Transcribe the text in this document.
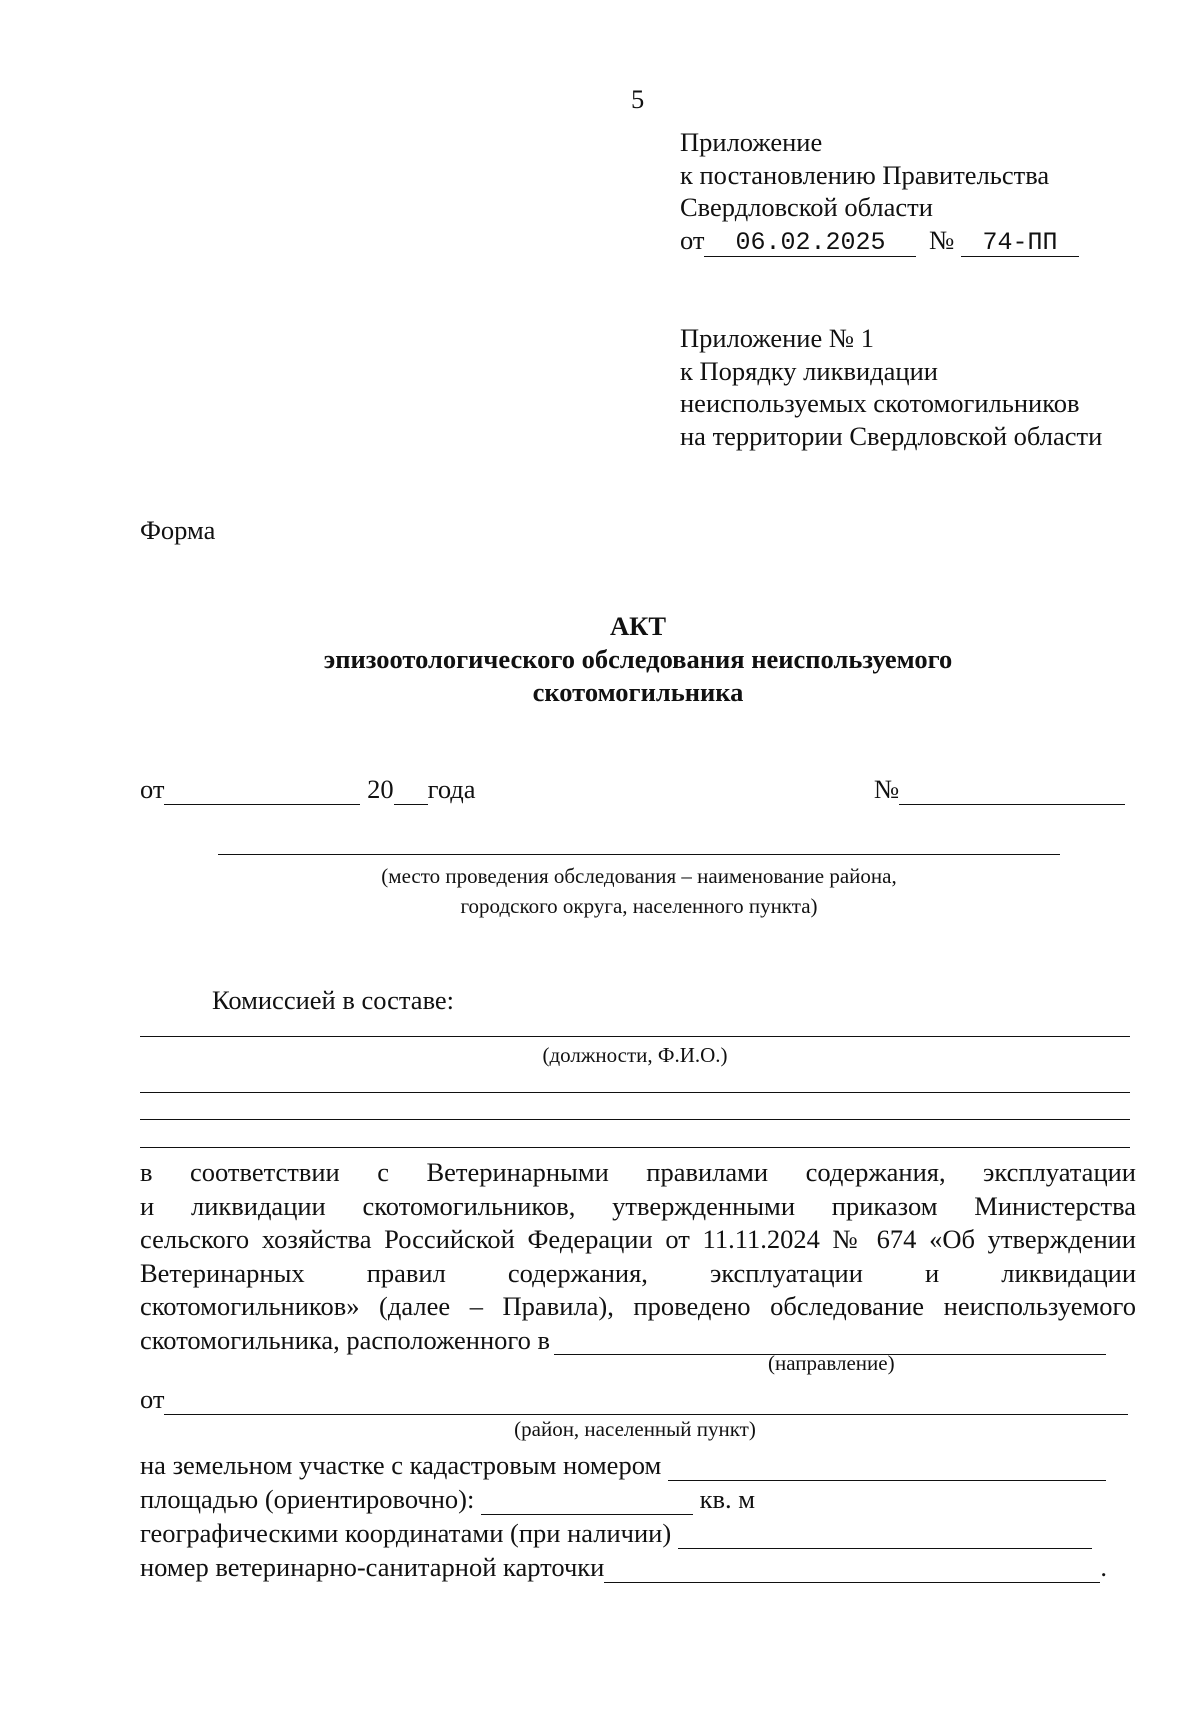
5
Приложение
к постановлению Правительства
Свердловской области
от 06.02.2025 № 74-ПП
Приложение № 1
к Порядку ликвидации
неиспользуемых скотомогильников
на территории Свердловской области
Форма
АКТ
эпизоотологического обследования неиспользуемого
скотомогильника
от	20 года	№
(место проведения обследования – наименование района,
городского округа, населенного пункта)
Комиссией в составе:
(должности, Ф.И.О.)
в соответствии с Ветеринарными правилами содержания, эксплуатации
и ликвидации скотомогильников, утвержденными приказом Министерства
сельского хозяйства Российской Федерации от 11.11.2024 № 674 «Об утверждении
Ветеринарных правил содержания, эксплуатации и ликвидации
скотомогильников» (далее – Правила), проведено обследование неиспользуемого
скотомогильника, расположенного в
(направление)
от
(район, населенный пункт)
на земельном участке с кадастровым номером
площадью (ориентировочно):	кв. м
географическими координатами (при наличии)
номер ветеринарно-санитарной карточки	.
